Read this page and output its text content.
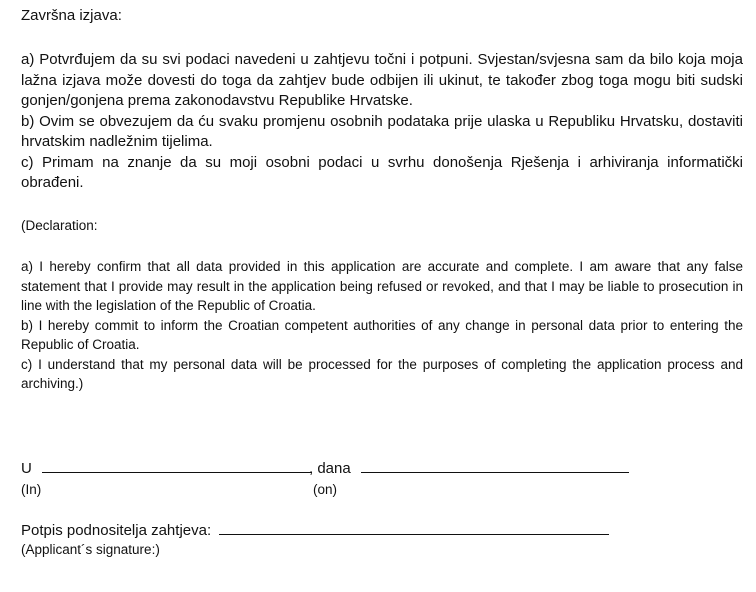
Završna izjava:

a) Potvrđujem da su svi podaci navedeni u zahtjevu točni i potpuni. Svjestan/svjesna sam da bilo koja moja lažna izjava može dovesti do toga da zahtjev bude odbijen ili ukinut, te također zbog toga mogu biti sudski gonjen/gonjena prema zakonodavstvu Republike Hrvatske.

b) Ovim se obvezujem da ću svaku promjenu osobnih podataka prije ulaska u Republiku Hrvatsku, dostaviti hrvatskim nadležnim tijelima.

c) Primam na znanje da su moji osobni podaci u svrhu donošenja Rješenja i arhiviranja informatički obrađeni.

(Declaration:

a) I hereby confirm that all data provided in this application are accurate and complete. I am aware that any false statement that I provide may result in the application being refused or revoked, and that I may be liable to prosecution in line with the legislation of the Republic of Croatia.

b) I hereby commit to inform the Croatian competent authorities of any change in personal data prior to entering the Republic of Croatia.

c) I understand that my personal data will be processed for the purposes of completing the application process and archiving.)

U	, dana
(In)	(on)
Potpis podnositelja zahtjeva:
(Applicant´s signature:)
